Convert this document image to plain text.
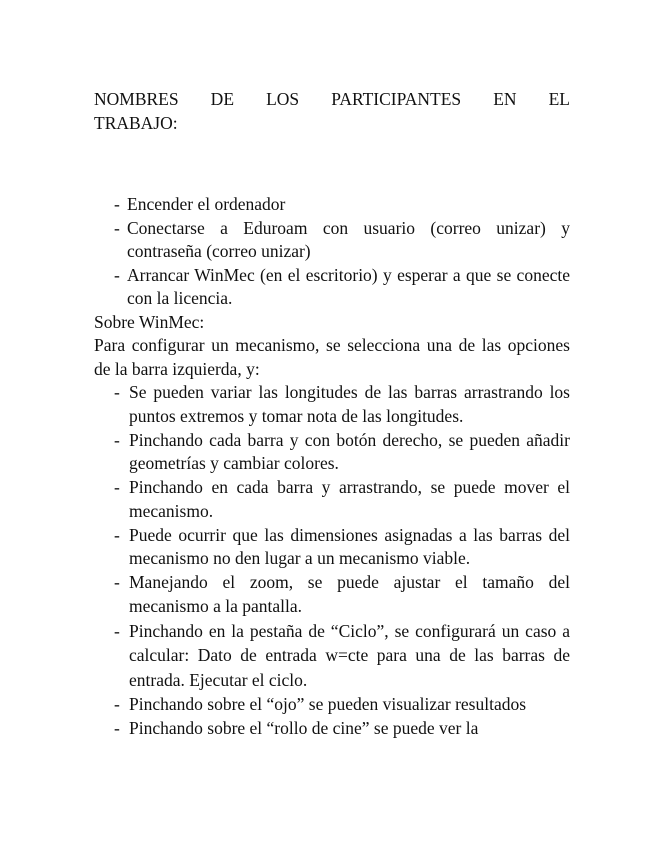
NOMBRES DE LOS PARTICIPANTES EN EL
TRABAJO:
- Encender el ordenador
- Conectarse a Eduroam con usuario (correo unizar) y contraseña (correo unizar)
- Arrancar WinMec (en el escritorio) y esperar a que se conecte con la licencia.

Sobre WinMec:

Para configurar un mecanismo, se selecciona una de las opciones de la barra izquierda, y:

- Se pueden variar las longitudes de las barras arrastrando los puntos extremos y tomar nota de las longitudes.
- Pinchando cada barra y con botón derecho, se pueden añadir geometrías y cambiar colores.
- Pinchando en cada barra y arrastrando, se puede mover el mecanismo.
- Puede ocurrir que las dimensiones asignadas a las barras del mecanismo no den lugar a un mecanismo viable.
- Manejando el zoom, se puede ajustar el tamaño del mecanismo a la pantalla.
- Pinchando en la pestaña de “Ciclo”, se configurará un caso a calcular: Dato de entrada w=cte para una de las barras de entrada. Ejecutar el ciclo.
- Pinchando sobre el “ojo” se pueden visualizar resultados
- Pinchando sobre el “rollo de cine” se puede ver la
